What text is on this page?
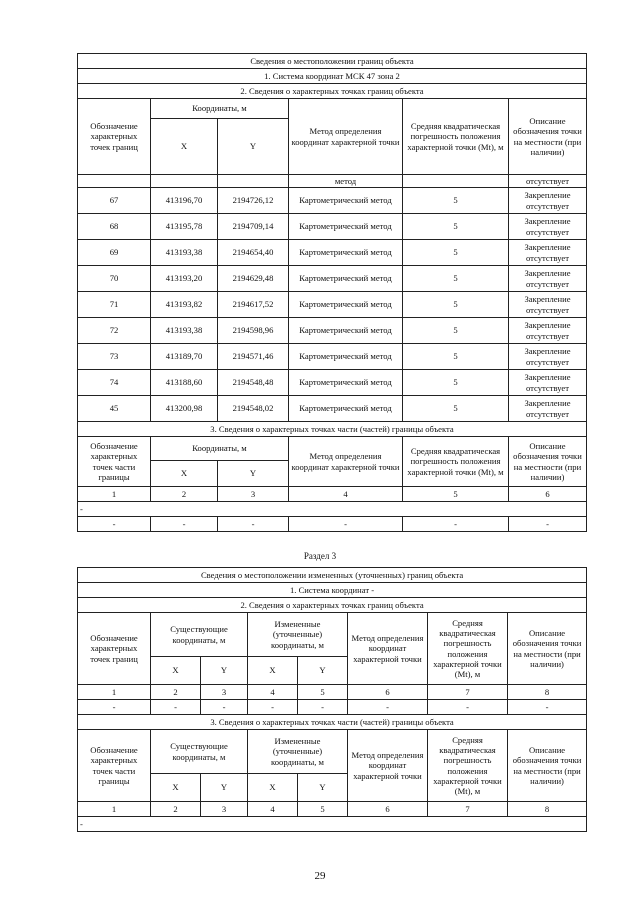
Сведения о местоположении границ объекта					
1. Система координат МСК 47 зона 2					
2. Сведения о характерных точках границ объекта					
Обозначение характерных точек границ	Координаты, м		Метод определения координат характерной точки	Средняя квадратическая погрешность положения характерной точки (Mt), м	Описание обозначения точки на местности (при наличии)
	X	Y			
			метод		отсутствует
67	413196,70	2194726,12	Картометрический метод	5	Закрепление отсутствует
68	413195,78	2194709,14	Картометрический метод	5	Закрепление отсутствует
69	413193,38	2194654,40	Картометрический метод	5	Закрепление отсутствует
70	413193,20	2194629,48	Картометрический метод	5	Закрепление отсутствует
71	413193,82	2194617,52	Картометрический метод	5	Закрепление отсутствует
72	413193,38	2194598,96	Картометрический метод	5	Закрепление отсутствует
73	413189,70	2194571,46	Картометрический метод	5	Закрепление отсутствует
74	413188,60	2194548,48	Картометрический метод	5	Закрепление отсутствует
45	413200,98	2194548,02	Картометрический метод	5	Закрепление отсутствует
3. Сведения о характерных точках части (частей) границы объекта					
Обозначение характерных точек части границы	Координаты, м		Метод определения координат характерной точки	Средняя квадратическая погрешность положения характерной точки (Mt), м	Описание обозначения точки на местности (при наличии)
	X	Y			
1	2	3	4	5	6
-					
-	-	-	-	-	-
Раздел 3
Сведения о местоположении измененных (уточненных) границ объекта							
1. Система координат -							
2. Сведения о характерных точках границ объекта							
Обозначение характерных точек границ	Существующие координаты, м		Измененные (уточненные) координаты, м		Метод определения координат характерной точки	Средняя квадратическая погрешность положения характерной точки (Mt), м	Описание обозначения точки на местности (при наличии)
	X	Y	X	Y			
1	2	3	4	5	6	7	8
-	-	-	-	-	-	-	-
3. Сведения о характерных точках части (частей) границы объекта							
Обозначение характерных точек части границы	Существующие координаты, м		Измененные (уточненные) координаты, м		Метод определения координат характерной точки	Средняя квадратическая погрешность положения характерной точки (Mt), м	Описание обозначения точки на местности (при наличии)
	X	Y	X	Y			
1	2	3	4	5	6	7	8
-							
29
